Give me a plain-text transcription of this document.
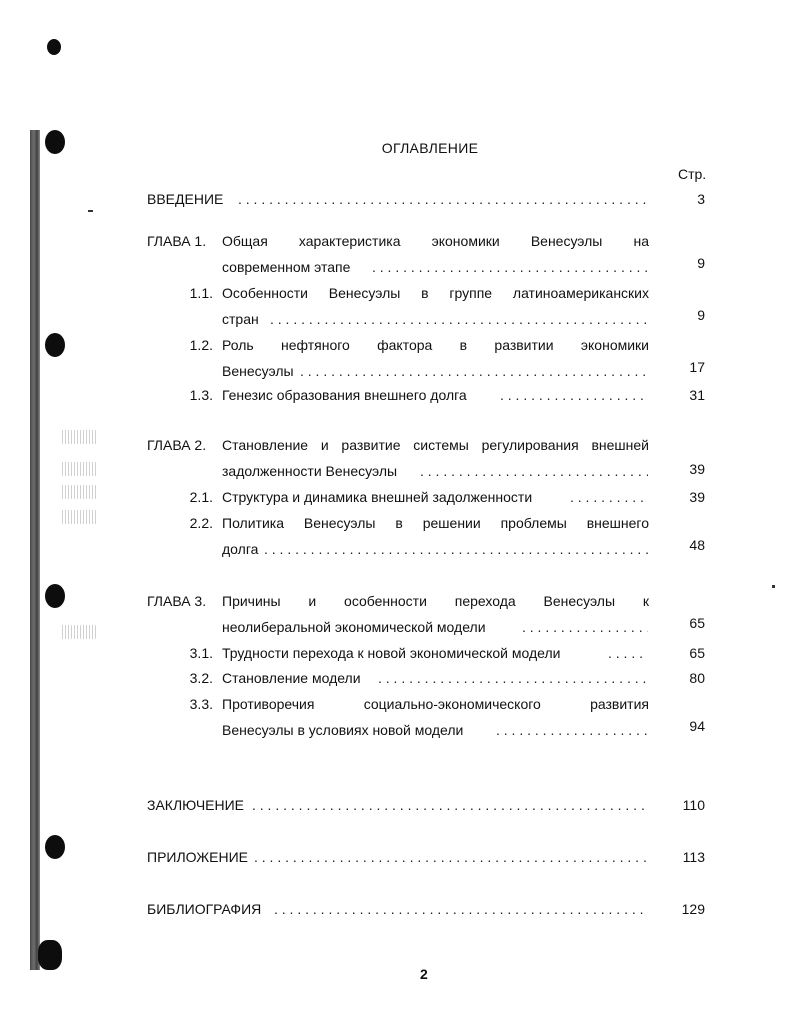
ОГЛАВЛЕНИЕ
Стр.
ВВЕДЕНИЕ . . .	3
ГЛАВА 1. Общая характеристика экономики Венесуэлы на
современном этапе . . .	9
1.1. Особенности Венесуэлы в группе латиноамериканских
стран . . .	9
1.2. Роль нефтяного фактора в развитии экономики
Венесуэлы . . .	17
1.3. Генезис образования внешнего долга . . .	31
ГЛАВА 2. Становление и развитие системы регулирования внешней
задолженности Венесуэлы . . .	39
2.1. Структура и динамика внешней задолженности . . .	39
2.2. Политика Венесуэлы в решении проблемы внешнего
долга . . .	48
ГЛАВА 3. Причины и особенности перехода Венесуэлы к
неолиберальной экономической модели . . .	65
3.1. Трудности перехода к новой экономической модели . . .	65
3.2. Становление модели . . .	80
3.3. Противоречия социально-экономического развития
Венесуэлы в условиях новой модели . . .	94
ЗАКЛЮЧЕНИЕ . . .	110
ПРИЛОЖЕНИЕ . . .	113
БИБЛИОГРАФИЯ . . .	129
2
